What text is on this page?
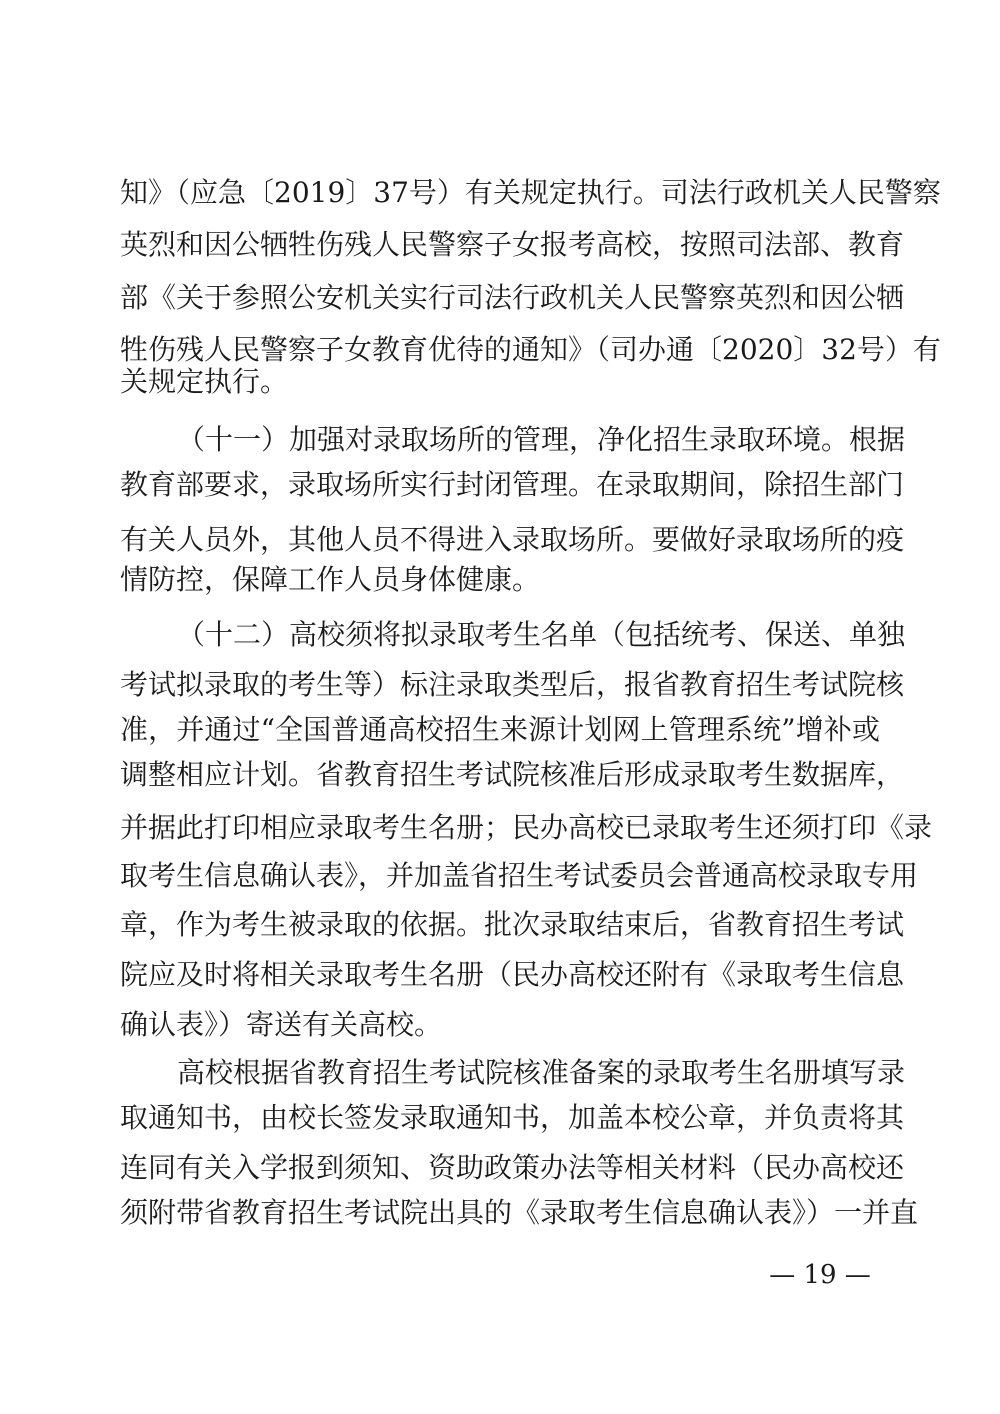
知》（应急〔2019〕37号）有关规定执行。司法行政机关人民警察
英烈和因公牺牲伤残人民警察子女报考高校，按照司法部、教育
部《关于参照公安机关实行司法行政机关人民警察英烈和因公牺
牲伤残人民警察子女教育优待的通知》（司办通〔2020〕32号）有
关规定执行。
（十一）加强对录取场所的管理，净化招生录取环境。根据
教育部要求，录取场所实行封闭管理。在录取期间，除招生部门
有关人员外，其他人员不得进入录取场所。要做好录取场所的疫
情防控，保障工作人员身体健康。
（十二）高校须将拟录取考生名单（包括统考、保送、单独
考试拟录取的考生等）标注录取类型后，报省教育招生考试院核
准，并通过“全国普通高校招生来源计划网上管理系统”增补或
调整相应计划。省教育招生考试院核准后形成录取考生数据库，
并据此打印相应录取考生名册；民办高校已录取考生还须打印《录
取考生信息确认表》，并加盖省招生考试委员会普通高校录取专用
章，作为考生被录取的依据。批次录取结束后，省教育招生考试
院应及时将相关录取考生名册（民办高校还附有《录取考生信息
确认表》）寄送有关高校。
高校根据省教育招生考试院核准备案的录取考生名册填写录
取通知书，由校长签发录取通知书，加盖本校公章，并负责将其
连同有关入学报到须知、资助政策办法等相关材料（民办高校还
须附带省教育招生考试院出具的《录取考生信息确认表》）一并直
— 19 —
